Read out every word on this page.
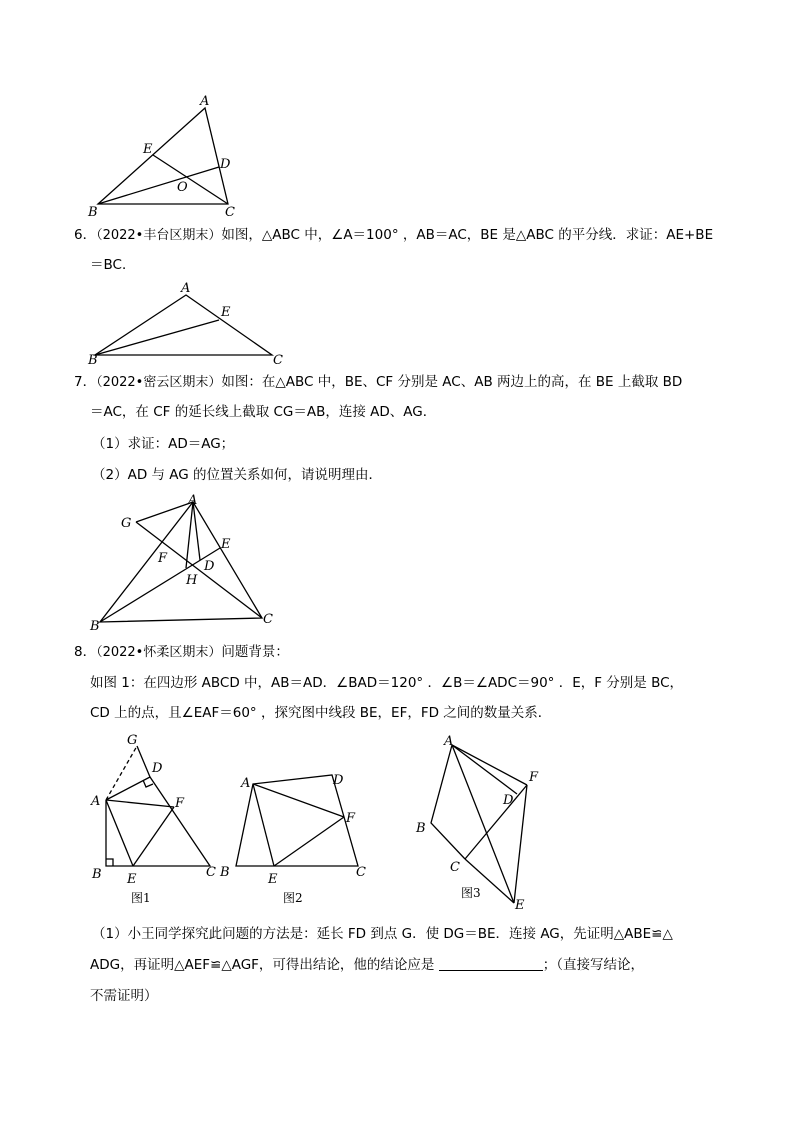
A
E
D
O
B	C
6．（2022•丰台区期末）如图，△ABC 中，∠A＝100° ，AB＝AC，BE 是△ABC 的平分线．求证：AE+BE
＝BC．
A
E
B	C
7．（2022•密云区期末）如图：在△ABC 中，BE、CF 分别是 AC、AB 两边上的高，在 BE 上截取 BD
＝AC，在 CF 的延长线上截取 CG＝AB，连接 AD、AG．
（1）求证：AD＝AG；
（2）AD 与 AG 的位置关系如何，请说明理由．
A
G
E
F
D
H
B	C
8．（2022•怀柔区期末）问题背景：
如图 1：在四边形 ABCD 中，AB＝AD．∠BAD＝120° ．∠B＝∠ADC＝90° ．E，F 分别是 BC，
CD 上的点，且∠EAF＝60° ，探究图中线段 BE，EF，FD 之间的数量关系．
G
D
A	F
B E	C
图1
A	D
F
B	E	C
图2
A
F
D
B
C
E
图3
（1）小王同学探究此问题的方法是：延长 FD 到点 G．使 DG＝BE．连接 AG，先证明△ABE≌△
ADG，再证明△AEF≌△AGF，可得出结论，他的结论应是	；（直接写结论，
不需证明）
